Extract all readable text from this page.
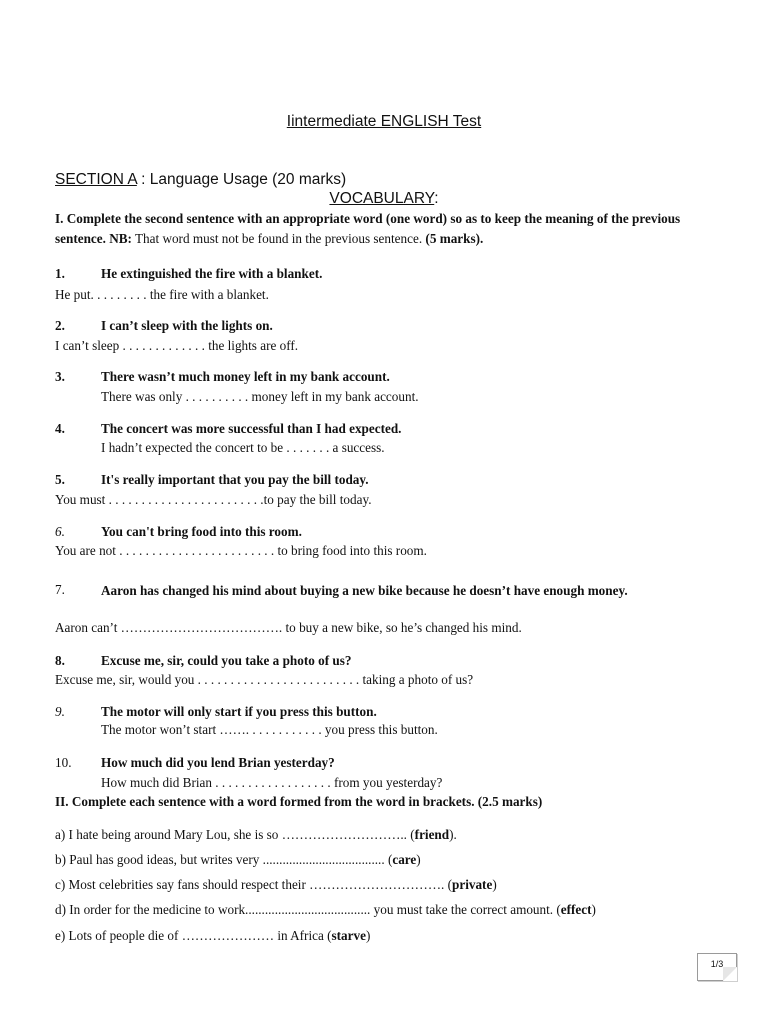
Iintermediate ENGLISH Test
SECTION A : Language Usage (20 marks)
VOCABULARY:
I. Complete the second sentence with an appropriate word (one word) so as to keep the meaning of the previous sentence. NB: That word must not be found in the previous sentence. (5 marks).
1.	He extinguished the fire with a blanket.
He put. . . . . . . . . the fire with a blanket.
2.	I can’t sleep with the lights on.
I can’t sleep . . . . . . . . . . . . . the lights are off.
3.	There wasn’t much money left in my bank account.
There was only . . . . . . . . . . money left in my bank account.
4.	The concert was more successful than I had expected.
I hadn’t expected the concert to be . . . . . . . a success.
5.	It's really important that you pay the bill today.
You must . . . . . . . . . . . . . . . . . . . . . . . .to pay the bill today.
6.	You can't bring food into this room.
You are not . . . . . . . . . . . . . . . . . . . . . . . . to bring food into this room.
7.	Aaron has changed his mind about buying a new bike because he doesn’t have enough money.
Aaron can’t ………………………………. to buy a new bike, so he’s changed his mind.
8.	Excuse me, sir, could you take a photo of us?
Excuse me, sir, would you . . . . . . . . . . . . . . . . . . . . . . . . . taking a photo of us?
9.	The motor will only start if you press this button.
The motor won’t start ……. . . . . . . . . . . . you press this button.
10. How much did you lend Brian yesterday?
How much did Brian . . . . . . . . . . . . . . . . . . from you yesterday?
II. Complete each sentence with a word formed from the word in brackets. (2.5 marks)
a) I hate being around Mary Lou, she is so ……………………….. (friend).
b) Paul has good ideas, but writes very ..................................... (care)
c) Most celebrities say fans should respect their …………………………. (private)
d) In order for the medicine to work...................................... you must take the correct amount. (effect)
e) Lots of people die of ………………… in Africa (starve)
1/3
